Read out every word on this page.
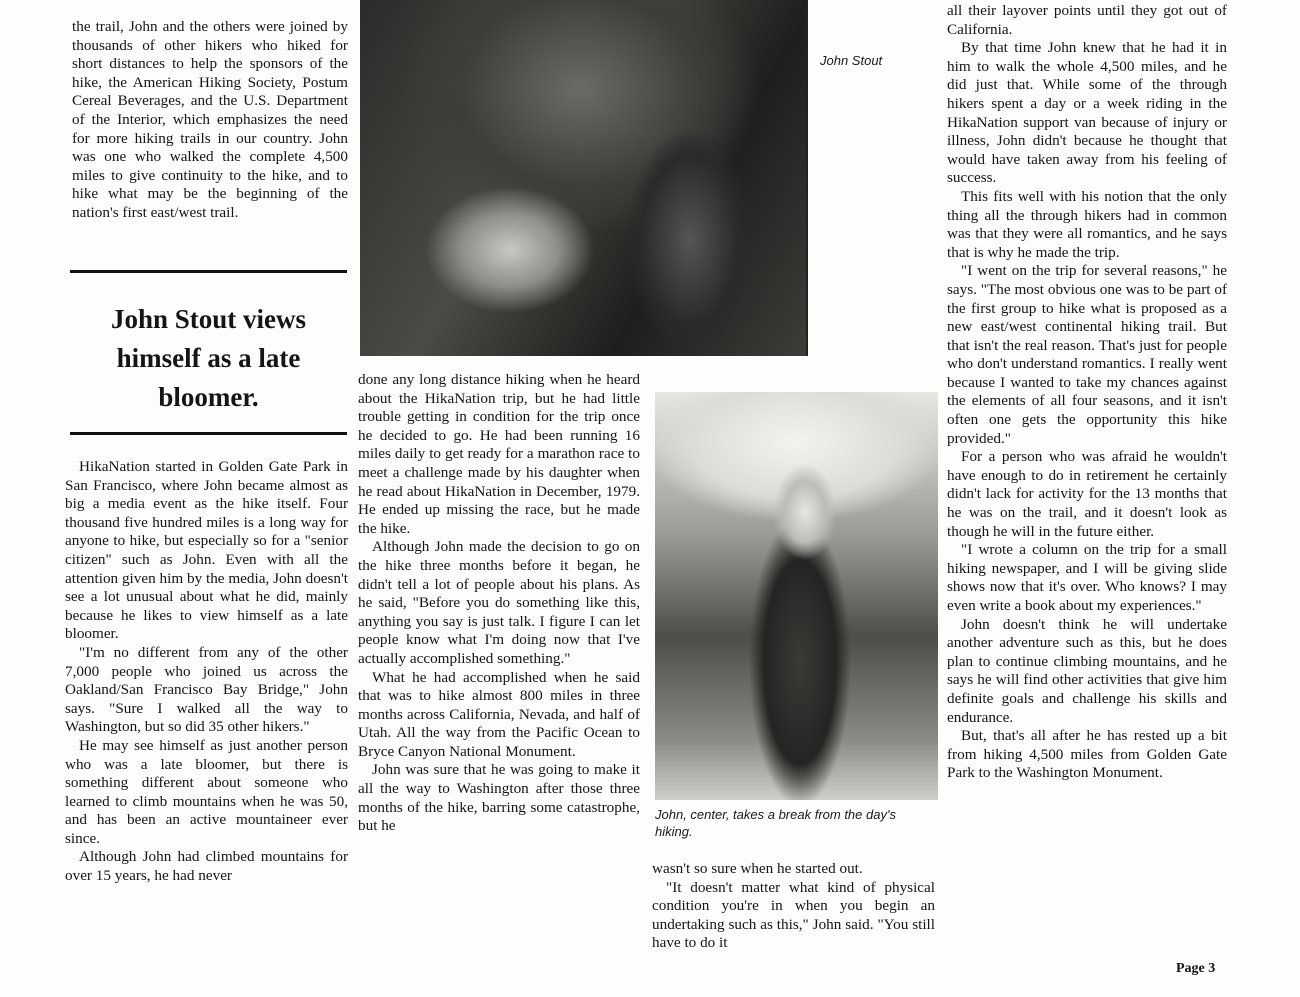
the trail, John and the others were joined by thousands of other hikers who hiked for short distances to help the sponsors of the hike, the American Hiking Society, Postum Cereal Beverages, and the U.S. Department of the Interior, which emphasizes the need for more hiking trails in our country. John was one who walked the complete 4,500 miles to give continuity to the hike, and to hike what may be the beginning of the nation's first east/west trail.

John Stout views himself as a late bloomer.

HikaNation started in Golden Gate Park in San Francisco, where John became almost as big a media event as the hike itself. Four thousand five hundred miles is a long way for anyone to hike, but especially so for a "senior citizen" such as John. Even with all the attention given him by the media, John doesn't see a lot unusual about what he did, mainly because he likes to view himself as a late bloomer.

"I'm no different from any of the other 7,000 people who joined us across the Oakland/San Francisco Bay Bridge," John says. "Sure I walked all the way to Washington, but so did 35 other hikers."

He may see himself as just another person who was a late bloomer, but there is something different about someone who learned to climb mountains when he was 50, and has been an active mountaineer ever since.

Although John had climbed mountains for over 15 years, he had never

John Stout

done any long distance hiking when he heard about the HikaNation trip, but he had little trouble getting in condition for the trip once he decided to go. He had been running 16 miles daily to get ready for a marathon race to meet a challenge made by his daughter when he read about HikaNation in December, 1979. He ended up missing the race, but he made the hike.

Although John made the decision to go on the hike three months before it began, he didn't tell a lot of people about his plans. As he said, "Before you do something like this, anything you say is just talk. I figure I can let people know what I'm doing now that I've actually accomplished something."

What he had accomplished when he said that was to hike almost 800 miles in three months across California, Nevada, and half of Utah. All the way from the Pacific Ocean to Bryce Canyon National Monument.

John was sure that he was going to make it all the way to Washington after those three months of the hike, barring some catastrophe, but he

John, center, takes a break from the day's hiking.

wasn't so sure when he started out.

"It doesn't matter what kind of physical condition you're in when you begin an undertaking such as this," John said. "You still have to do it

all their layover points until they got out of California.

By that time John knew that he had it in him to walk the whole 4,500 miles, and he did just that. While some of the through hikers spent a day or a week riding in the HikaNation support van because of injury or illness, John didn't because he thought that would have taken away from his feeling of success.

This fits well with his notion that the only thing all the through hikers had in common was that they were all romantics, and he says that is why he made the trip.

"I went on the trip for several reasons," he says. "The most obvious one was to be part of the first group to hike what is proposed as a new east/west continental hiking trail. But that isn't the real reason. That's just for people who don't understand romantics. I really went because I wanted to take my chances against the elements of all four seasons, and it isn't often one gets the opportunity this hike provided."

For a person who was afraid he wouldn't have enough to do in retirement he certainly didn't lack for activity for the 13 months that he was on the trail, and it doesn't look as though he will in the future either.

"I wrote a column on the trip for a small hiking newspaper, and I will be giving slide shows now that it's over. Who knows? I may even write a book about my experiences."

John doesn't think he will undertake another adventure such as this, but he does plan to continue climbing mountains, and he says he will find other activities that give him definite goals and challenge his skills and endurance.

But, that's all after he has rested up a bit from hiking 4,500 miles from Golden Gate Park to the Washington Monument.

Page 3
